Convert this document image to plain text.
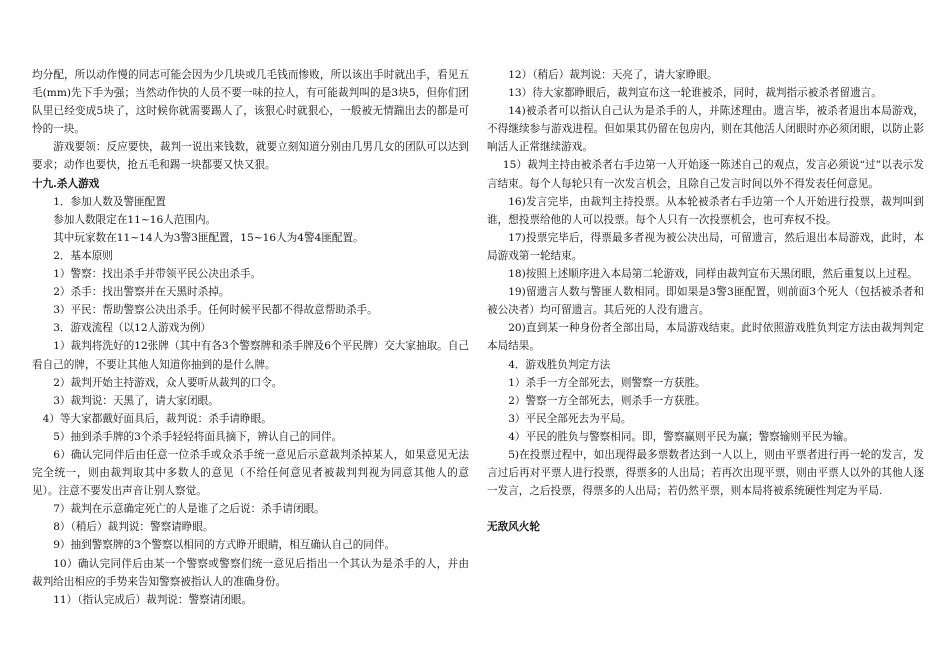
均分配，所以动作慢的同志可能会因为少几块或几毛钱而惨败，所以该出手时就出手，看见五毛(mm)先下手为强；当然动作快的人员不要一味的拉人，有可能裁判叫的是3块5，但你们团队里已经变成5块了，这时候你就需要踢人了，该狠心时就狠心，一般被无情踹出去的都是可怜的一块。

游戏要领：反应要快，裁判一说出来钱数，就要立刻知道分别由几男几女的团队可以达到要求；动作也要快，抢五毛和踢一块都要又快又狠。

十九.杀人游戏

1．参加人数及警匪配置

参加人数限定在11~16人范围内。

其中玩家数在11~14人为3警3匪配置，15~16人为4警4匪配置。

2．基本原则

1）警察：找出杀手并带领平民公决出杀手。

2）杀手：找出警察并在天黑时杀掉。

3）平民：帮助警察公决出杀手。任何时候平民都不得故意帮助杀手。

3．游戏流程（以12人游戏为例）

1）裁判将洗好的12张牌（其中有各3个警察牌和杀手牌及6个平民牌）交大家抽取。自己看自己的牌，不要让其他人知道你抽到的是什么牌。

2）裁判开始主持游戏，众人要听从裁判的口令。

3）裁判说：天黑了，请大家闭眼。

4）等大家都戴好面具后，裁判说：杀手请睁眼。

5）抽到杀手牌的3个杀手轻轻将面具摘下，辨认自己的同伴。

6）确认完同伴后由任意一位杀手或众杀手统一意见后示意裁判杀掉某人，如果意见无法完全统一，则由裁判取其中多数人的意见（不给任何意见者被裁判判视为同意其他人的意见）。注意不要发出声音让别人察觉。

7）裁判在示意确定死亡的人是谁了之后说：杀手请闭眼。

8）（稍后）裁判说：警察请睁眼。

9）抽到警察牌的3个警察以相同的方式睁开眼睛，相互确认自己的同伴。

10）确认完同伴后由某一个警察或警察们统一意见后指出一个其认为是杀手的人，并由裁判给出相应的手势来告知警察被指认人的准确身份。

11）（指认完成后）裁判说：警察请闭眼。

12）（稍后）裁判说：天亮了，请大家睁眼。

13）待大家都睁眼后，裁判宣布这一轮谁被杀，同时，裁判指示被杀者留遗言。

14)被杀者可以指认自己认为是杀手的人，并陈述理由。遗言毕，被杀者退出本局游戏，不得继续参与游戏进程。但如果其仍留在包房内，则在其他活人闭眼时亦必须闭眼，以防止影响活人正常继续游戏。

15）裁判主持由被杀者右手边第一人开始逐一陈述自己的观点，发言必须说“过”以表示发言结束。每个人每轮只有一次发言机会，且除自己发言时间以外不得发表任何意见。

16)发言完毕，由裁判主持投票。从本轮被杀者右手边第一个人开始进行投票，裁判叫到谁，想投票给他的人可以投票。每个人只有一次投票机会，也可弃权不投。

17)投票完毕后，得票最多者视为被公决出局，可留遗言，然后退出本局游戏，此时，本局游戏第一轮结束。

18)按照上述顺序进入本局第二轮游戏，同样由裁判宣布天黑闭眼，然后重复以上过程。

19)留遗言人数与警匪人数相同。即如果是3警3匪配置，则前面3个死人（包括被杀者和被公决者）均可留遗言。其后死的人没有遗言。

20)直到某一种身份者全部出局，本局游戏结束。此时依照游戏胜负判定方法由裁判判定本局结果。

4．游戏胜负判定方法

1）杀手一方全部死去，则警察一方获胜。

2）警察一方全部死去，则杀手一方获胜。

3）平民全部死去为平局。

4）平民的胜负与警察相同。即，警察赢则平民为赢；警察输则平民为输。

5)在投票过程中，如出现得最多票数者达到一人以上，则由平票者进行再一轮的发言，发言过后再对平票人进行投票，得票多的人出局；若再次出现平票，则由平票人以外的其他人逐一发言，之后投票，得票多的人出局；若仍然平票，则本局将被系统硬性判定为平局.

无敌风火轮
